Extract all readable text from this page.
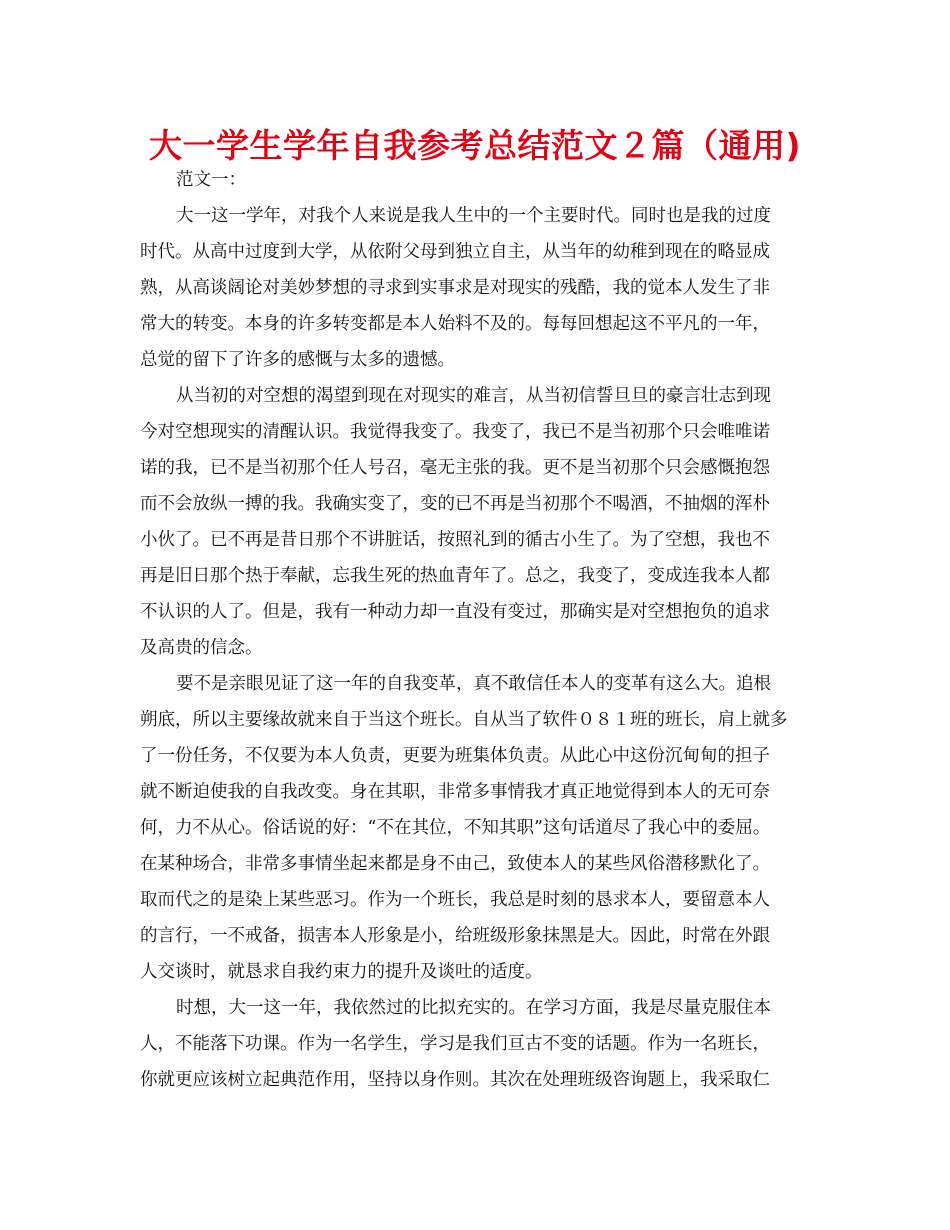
大一学生学年自我参考总结范文２篇（通用)
范文一：
大一这一学年，对我个人来说是我人生中的一个主要时代。同时也是我的过度
时代。从高中过度到大学，从依附父母到独立自主，从当年的幼稚到现在的略显成
熟，从高谈阔论对美妙梦想的寻求到实事求是对现实的残酷，我的觉本人发生了非
常大的转变。本身的许多转变都是本人始料不及的。每每回想起这不平凡的一年，
总觉的留下了许多的感慨与太多的遗憾。
从当初的对空想的渴望到现在对现实的难言，从当初信誓旦旦的豪言壮志到现
今对空想现实的清醒认识。我觉得我变了。我变了，我已不是当初那个只会唯唯诺
诺的我，已不是当初那个任人号召，毫无主张的我。更不是当初那个只会感慨抱怨
而不会放纵一搏的我。我确实变了，变的已不再是当初那个不喝酒，不抽烟的浑朴
小伙了。已不再是昔日那个不讲脏话，按照礼到的循古小生了。为了空想，我也不
再是旧日那个热于奉献，忘我生死的热血青年了。总之，我变了，变成连我本人都
不认识的人了。但是，我有一种动力却一直没有变过，那确实是对空想抱负的追求
及高贵的信念。
要不是亲眼见证了这一年的自我变革，真不敢信任本人的变革有这么大。追根
朔底，所以主要缘故就来自于当这个班长。自从当了软件０８１班的班长，肩上就多
了一份任务，不仅要为本人负责，更要为班集体负责。从此心中这份沉甸甸的担子
就不断迫使我的自我改变。身在其职，非常多事情我才真正地觉得到本人的无可奈
何，力不从心。俗话说的好：“不在其位，不知其职”这句话道尽了我心中的委屈。
在某种场合，非常多事情坐起来都是身不由己，致使本人的某些风俗潜移默化了。
取而代之的是染上某些恶习。作为一个班长，我总是时刻的恳求本人，要留意本人
的言行，一不戒备，损害本人形象是小，给班级形象抹黑是大。因此，时常在外跟
人交谈时，就恳求自我约束力的提升及谈吐的适度。
时想，大一这一年，我依然过的比拟充实的。在学习方面，我是尽量克服住本
人，不能落下功课。作为一名学生，学习是我们亘古不变的话题。作为一名班长，
你就更应该树立起典范作用，坚持以身作则。其次在处理班级咨询题上，我采取仁
